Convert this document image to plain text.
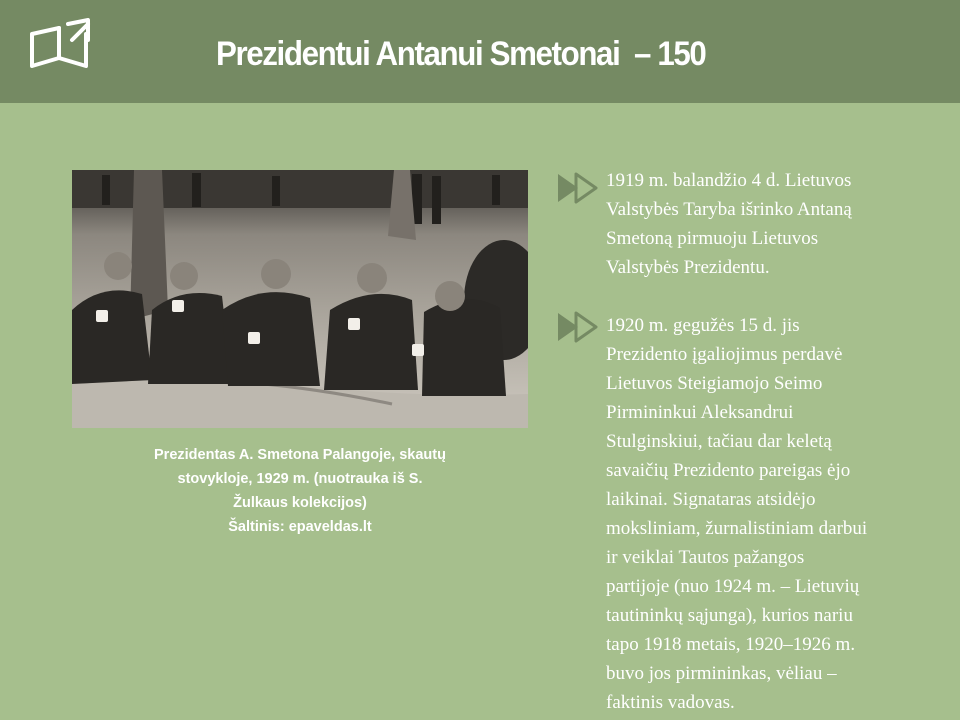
Prezidentui Antanui Smetonai  – 150
Prezidentas A. Smetona Palangoje, skautų
stovykloje, 1929 m. (nuotrauka iš S.
Žulkaus kolekcijos)
Šaltinis: epaveldas.lt
1919 m. balandžio 4 d. Lietuvos
Valstybės Taryba išrinko Antaną
Smetoną pirmuoju Lietuvos
Valstybės Prezidentu.
1920 m. gegužės 15 d. jis
Prezidento įgaliojimus perdavė
Lietuvos Steigiamojo Seimo
Pirmininkui Aleksandrui
Stulginskiui, tačiau dar keletą
savaičių Prezidento pareigas ėjo
laikinai. Signataras atsidėjo
moksliniam, žurnalistiniam darbui
ir veiklai Tautos pažangos
partijoje (nuo 1924 m. – Lietuvių
tautininkų sąjunga), kurios nariu
tapo 1918 metais, 1920–1926 m.
buvo jos pirmininkas, vėliau –
faktinis vadovas.
